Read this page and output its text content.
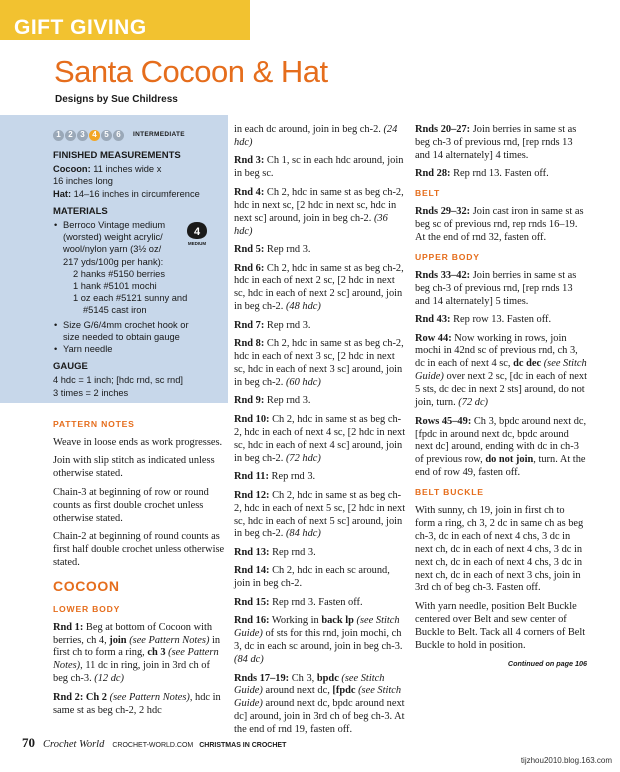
GIFT GIVING
Santa Cocoon & Hat
Designs by Sue Childress
1 2 3 4 5 6	INTERMEDIATE
FINISHED MEASUREMENTS
Cocoon: 11 inches wide x
16 inches long
Hat: 14–16 inches in circumference
MATERIALS
• Berroco Vintage medium
(worsted) weight acrylic/
wool/nylon yarn (3½ oz/
217 yds/100g per hank):
2 hanks #5150 berries
1 hank #5101 mochi
1 oz each #5121 sunny and
#5145 cast iron
• Size G/6/4mm crochet hook or
size needed to obtain gauge
• Yarn needle
GAUGE
4 hdc = 1 inch; [hdc rnd, sc rnd]
3 times = 2 inches
4
MEDIUM

PATTERN NOTES

Weave in loose ends as work progresses.

Join with slip stitch as indicated unless otherwise stated.

Chain-3 at beginning of row or round counts as first double crochet unless otherwise stated.

Chain-2 at beginning of round counts as first half double crochet unless otherwise stated.

COCOON

LOWER BODY

Rnd 1: Beg at bottom of Cocoon with berries, ch 4, join (see Pattern Notes) in first ch to form a ring, ch 3 (see Pattern Notes), 11 dc in ring, join in 3rd ch of beg ch-3. (12 dc)

Rnd 2: Ch 2 (see Pattern Notes), hdc in same st as beg ch-2, 2 hdc

in each dc around, join in beg ch-2. (24 hdc)

Rnd 3: Ch 1, sc in each hdc around, join in beg sc.

Rnd 4: Ch 2, hdc in same st as beg ch-2, hdc in next sc, [2 hdc in next sc, hdc in next sc] around, join in beg ch-2. (36 hdc)

Rnd 5: Rep rnd 3.

Rnd 6: Ch 2, hdc in same st as beg ch-2, hdc in each of next 2 sc, [2 hdc in next sc, hdc in each of next 2 sc] around, join in beg ch-2. (48 hdc)

Rnd 7: Rep rnd 3.

Rnd 8: Ch 2, hdc in same st as beg ch-2, hdc in each of next 3 sc, [2 hdc in next sc, hdc in each of next 3 sc] around, join in beg ch-2. (60 hdc)

Rnd 9: Rep rnd 3.

Rnd 10: Ch 2, hdc in same st as beg ch-2, hdc in each of next 4 sc, [2 hdc in next sc, hdc in each of next 4 sc] around, join in beg ch-2. (72 hdc)

Rnd 11: Rep rnd 3.

Rnd 12: Ch 2, hdc in same st as beg ch-2, hdc in each of next 5 sc, [2 hdc in next sc, hdc in each of next 5 sc] around, join in beg ch-2. (84 hdc)

Rnd 13: Rep rnd 3.

Rnd 14: Ch 2, hdc in each sc around, join in beg ch-2.

Rnd 15: Rep rnd 3. Fasten off.

Rnd 16: Working in back lp (see Stitch Guide) of sts for this rnd, join mochi, ch 3, dc in each sc around, join in beg ch-3. (84 dc)

Rnds 17–19: Ch 3, bpdc (see Stitch Guide) around next dc, [fpdc (see Stitch Guide) around next dc, bpdc around next dc] around, join in 3rd ch of beg ch-3. At the end of rnd 19, fasten off.

Rnds 20–27: Join berries in same st as beg ch-3 of previous rnd, [rep rnds 13 and 14 alternately] 4 times.

Rnd 28: Rep rnd 13. Fasten off.

BELT

Rnds 29–32: Join cast iron in same st as beg sc of previous rnd, rep rnds 16–19. At the end of rnd 32, fasten off.

UPPER BODY

Rnds 33–42: Join berries in same st as beg ch-3 of previous rnd, [rep rnds 13 and 14 alternately] 5 times.

Rnd 43: Rep row 13. Fasten off.

Row 44: Now working in rows, join mochi in 42nd sc of previous rnd, ch 3, dc in each of next 4 sc, dc dec (see Stitch Guide) over next 2 sc, [dc in each of next 5 sts, dc dec in next 2 sts] around, do not join, turn. (72 dc)

Rows 45–49: Ch 3, bpdc around next dc, [fpdc in around next dc, bpdc around next dc] around, ending with dc in ch-3 of previous row, do not join, turn. At the end of row 49, fasten off.

BELT BUCKLE

With sunny, ch 19, join in first ch to form a ring, ch 3, 2 dc in same ch as beg ch-3, dc in each of next 4 chs, 3 dc in next ch, dc in each of next 4 chs, 3 dc in next ch, dc in each of next 4 chs, 3 dc in next ch, dc in each of next 3 chs, join in 3rd ch of beg ch-3. Fasten off.

With yarn needle, position Belt Buckle centered over Belt and sew center of Buckle to Belt. Tack all 4 corners of Belt Buckle to hold in position.

Continued on page 106

70 Crochet World CROCHET-WORLD.COM CHRISTMAS IN CROCHET
tijzhou2010.blog.163.com
